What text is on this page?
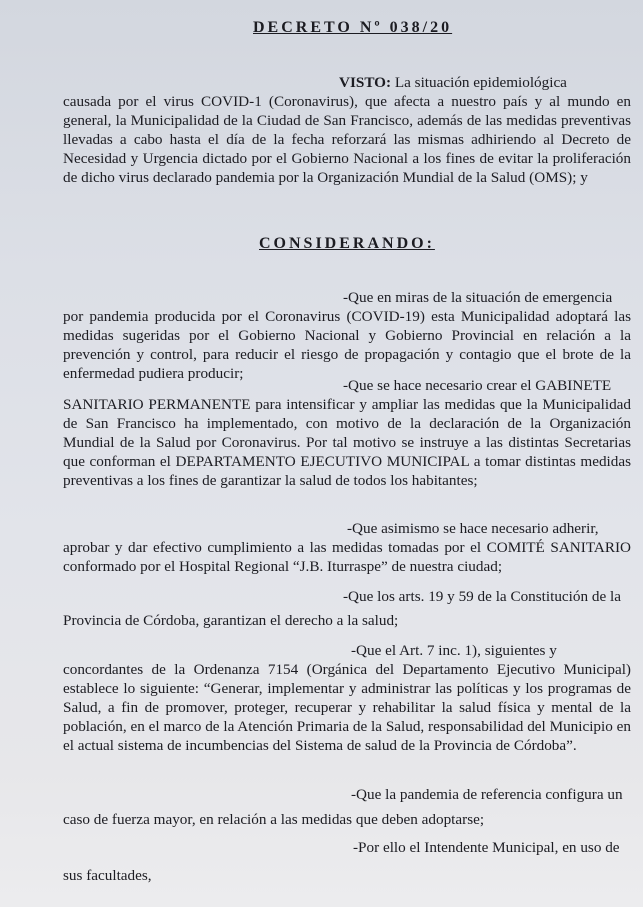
DECRETO Nº 038/20
VISTO: La situación epidemiológica
causada por el virus COVID-1 (Coronavirus), que afecta a nuestro país y al mundo en general, la Municipalidad de la Ciudad de San Francisco, además de las medidas preventivas llevadas a cabo hasta el día de la fecha reforzará las mismas adhiriendo al Decreto de Necesidad y Urgencia dictado por el Gobierno Nacional a los fines de evitar la proliferación de dicho virus declarado pandemia por la Organización Mundial de la Salud (OMS); y
CONSIDERANDO:
-Que en miras de la situación de emergencia
por pandemia producida por el Coronavirus (COVID-19) esta Municipalidad adoptará las medidas sugeridas por el Gobierno Nacional y Gobierno Provincial en relación a la prevención y control, para reducir el riesgo de propagación y contagio que el brote de la enfermedad pudiera producir;
-Que se hace necesario crear el GABINETE
SANITARIO PERMANENTE para intensificar y ampliar las medidas que la Municipalidad de San Francisco ha implementado, con motivo de la declaración de la Organización Mundial de la Salud por Coronavirus. Por tal motivo se instruye a las distintas Secretarias que conforman el DEPARTAMENTO EJECUTIVO MUNICIPAL a tomar distintas medidas preventivas a los fines de garantizar la salud de todos los habitantes;
-Que asimismo se hace necesario adherir,
aprobar y dar efectivo cumplimiento a las medidas tomadas por el COMITÉ SANITARIO conformado por el Hospital Regional “J.B. Iturraspe” de nuestra ciudad;
-Que los arts. 19 y 59 de la Constitución de la
Provincia de Córdoba, garantizan el derecho a la salud;
-Que el Art. 7 inc. 1), siguientes y
concordantes de la Ordenanza 7154 (Orgánica del Departamento Ejecutivo Municipal) establece lo siguiente: “Generar, implementar y administrar las políticas y los programas de Salud, a fin de promover, proteger, recuperar y rehabilitar la salud física y mental de la población, en el marco de la Atención Primaria de la Salud, responsabilidad del Municipio en el actual sistema de incumbencias del Sistema de salud de la Provincia de Córdoba”.
-Que la pandemia de referencia configura un
caso de fuerza mayor, en relación a las medidas que deben adoptarse;
-Por ello el Intendente Municipal, en uso de
sus facultades,
